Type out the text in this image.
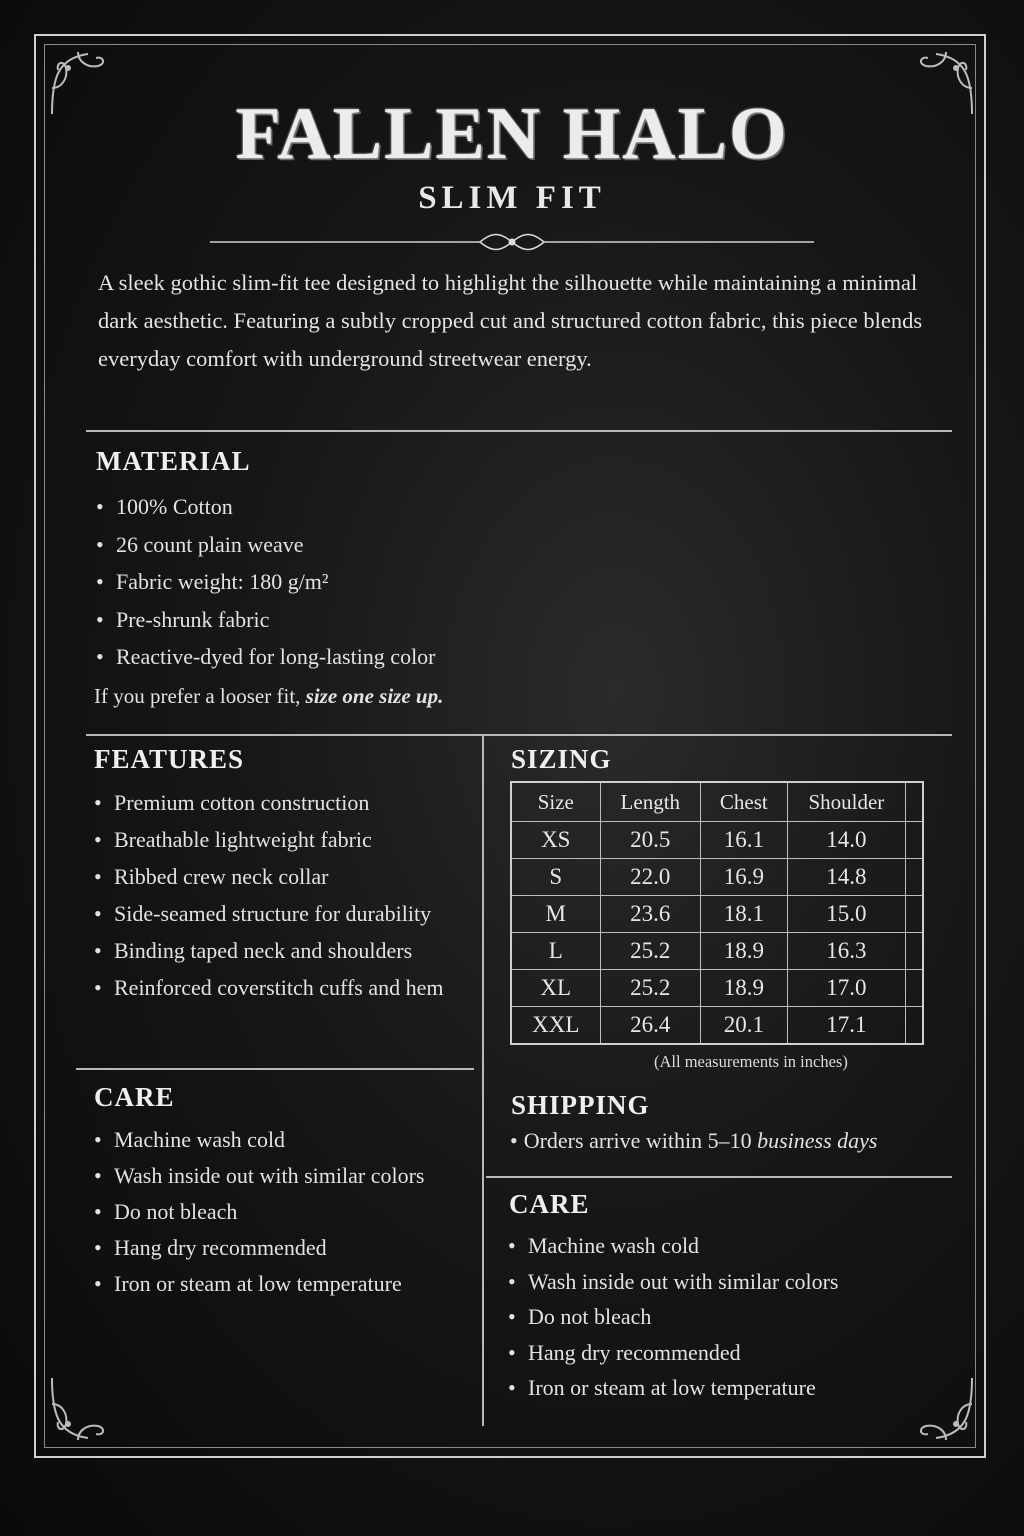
FALLEN HALO
SLIM FIT
A sleek gothic slim-fit tee designed to highlight the silhouette while maintaining a minimal dark aesthetic. Featuring a subtly cropped cut and structured cotton fabric, this piece blends everyday comfort with underground streetwear energy.
MATERIAL
• 100% Cotton
• 26 count plain weave
• Fabric weight: 180 g/m²
• Pre-shrunk fabric
• Reactive-dyed for long-lasting color
If you prefer a looser fit, size one size up.
FEATURES
• Premium cotton construction
• Breathable lightweight fabric
• Ribbed crew neck collar
• Side-seamed structure for durability
• Binding taped neck and shoulders
• Reinforced coverstitch cuffs and hem
CARE
• Machine wash cold
• Wash inside out with similar colors
• Do not bleach
• Hang dry recommended
• Iron or steam at low temperature
SIZING
Size	Length	Chest	Shoulder	
XS	20.5	16.1	14.0	
S	22.0	16.9	14.8	
M	23.6	18.1	15.0	
L	25.2	18.9	16.3	
XL	25.2	18.9	17.0	
XXL	26.4	20.1	17.1	
(All measurements in inches)
SHIPPING
• Orders arrive within 5–10 business days
CARE
• Machine wash cold
• Wash inside out with similar colors
• Do not bleach
• Hang dry recommended
• Iron or steam at low temperature
